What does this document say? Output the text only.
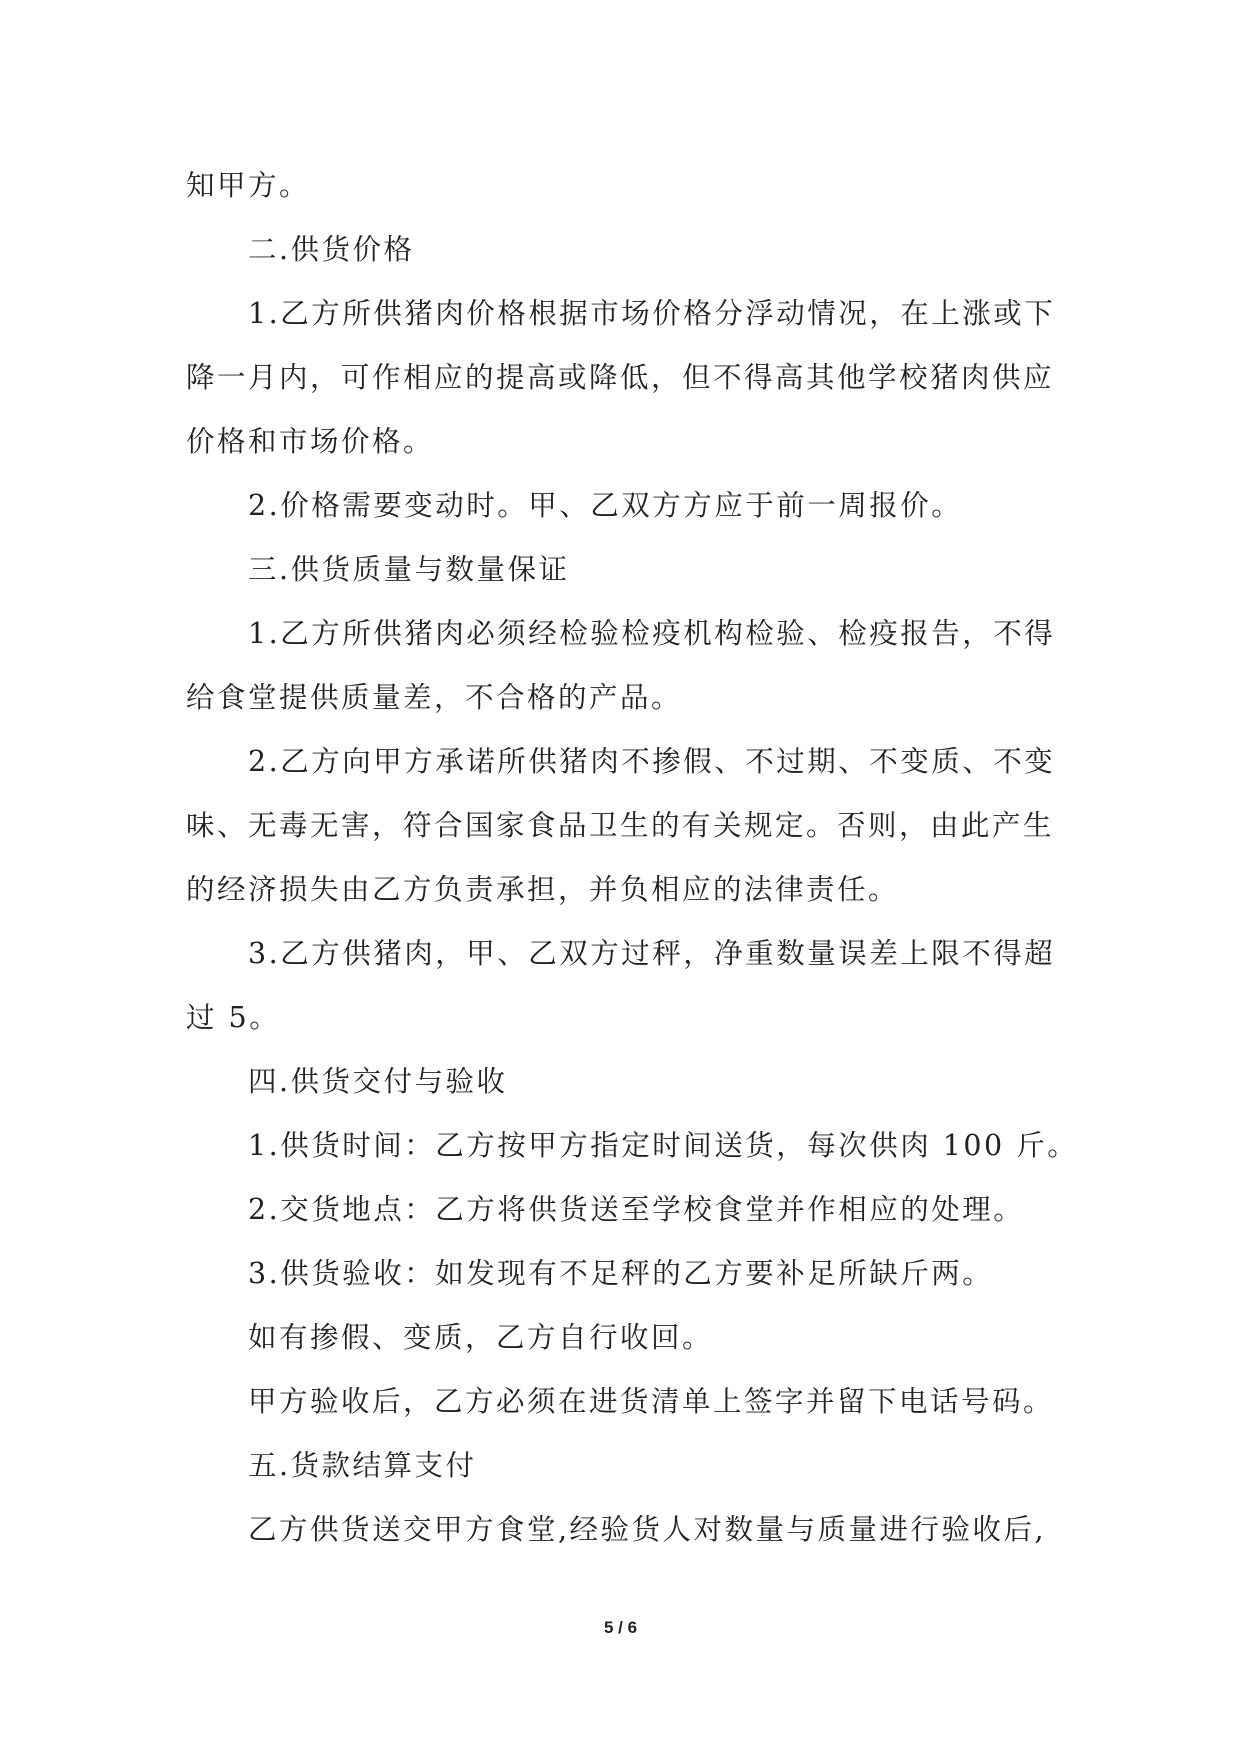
知甲方。
二.供货价格
1.乙方所供猪肉价格根据市场价格分浮动情况，在上涨或下
降一月内，可作相应的提高或降低，但不得高其他学校猪肉供应
价格和市场价格。
2.价格需要变动时。甲、乙双方方应于前一周报价。
三.供货质量与数量保证
1.乙方所供猪肉必须经检验检疫机构检验、检疫报告，不得
给食堂提供质量差，不合格的产品。
2.乙方向甲方承诺所供猪肉不掺假、不过期、不变质、不变
味、无毒无害，符合国家食品卫生的有关规定。否则，由此产生
的经济损失由乙方负责承担，并负相应的法律责任。
3.乙方供猪肉，甲、乙双方过秤，净重数量误差上限不得超
过 5。
四.供货交付与验收
1.供货时间：乙方按甲方指定时间送货，每次供肉 100 斤。
2.交货地点：乙方将供货送至学校食堂并作相应的处理。
3.供货验收：如发现有不足秤的乙方要补足所缺斤两。
如有掺假、变质，乙方自行收回。
甲方验收后，乙方必须在进货清单上签字并留下电话号码。
五.货款结算支付
乙方供货送交甲方食堂,经验货人对数量与质量进行验收后,
5 / 6
